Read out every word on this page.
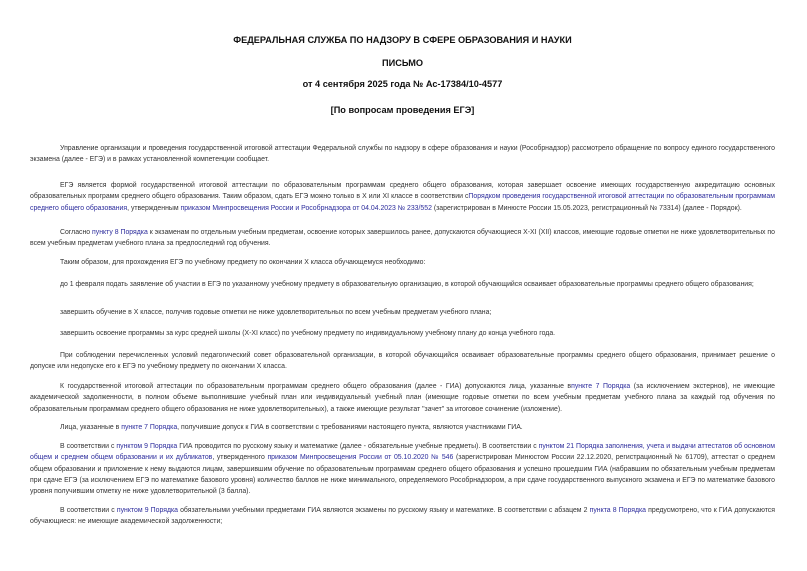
ФЕДЕРАЛЬНАЯ СЛУЖБА ПО НАДЗОРУ В СФЕРЕ ОБРАЗОВАНИЯ И НАУКИ
ПИСЬМО
от 4 сентября 2025 года № Ас-17384/10-4577
[По вопросам проведения ЕГЭ]

Управление организации и проведения государственной итоговой аттестации Федеральной службы по надзору в сфере образования и науки (Рособрнадзор) рассмотрело обращение по вопросу единого государственного экзамена (далее - ЕГЭ) и в рамках установленной компетенции сообщает.

ЕГЭ является формой государственной итоговой аттестации по образовательным программам среднего общего образования, которая завершает освоение имеющих государственную аккредитацию основных образовательных программ среднего общего образования. Таким образом, сдать ЕГЭ можно только в X или XI классе в соответствии сПорядком проведения государственной итоговой аттестации по образовательным программам среднего общего образования, утвержденным приказом Минпросвещения России и Рособрнадзора от 04.04.2023 № 233/552 (зарегистрирован в Минюсте России 15.05.2023, регистрационный № 73314) (далее - Порядок).

Согласно пункту 8 Порядка к экзаменам по отдельным учебным предметам, освоение которых завершилось ранее, допускаются обучающиеся X-XI (XII) классов, имеющие годовые отметки не ниже удовлетворительных по всем учебным предметам учебного плана за предпоследний год обучения.

Таким образом, для прохождения ЕГЭ по учебному предмету по окончании X класса обучающемуся необходимо:

до 1 февраля подать заявление об участии в ЕГЭ по указанному учебному предмету в образовательную организацию, в которой обучающийся осваивает образовательные программы среднего общего образования;

завершить обучение в X классе, получив годовые отметки не ниже удовлетворительных по всем учебным предметам учебного плана;

завершить освоение программы за курс средней школы (X-XI класс) по учебному предмету по индивидуальному учебному плану до конца учебного года.

При соблюдении перечисленных условий педагогический совет образовательной организации, в которой обучающийся осваивает образовательные программы среднего общего образования, принимает решение о допуске или недопуске его к ЕГЭ по учебному предмету по окончании X класса.

К государственной итоговой аттестации по образовательным программам среднего общего образования (далее - ГИА) допускаются лица, указанные впункте 7 Порядка (за исключением экстернов), не имеющие академической задолженности, в полном объеме выполнившие учебный план или индивидуальный учебный план (имеющие годовые отметки по всем учебным предметам учебного плана за каждый год обучения по образовательным программам среднего общего образования не ниже удовлетворительных), а также имеющие результат "зачет" за итоговое сочинение (изложение).

Лица, указанные в пункте 7 Порядка, получившие допуск к ГИА в соответствии с требованиями настоящего пункта, являются участниками ГИА.

В соответствии с пунктом 9 Порядка ГИА проводится по русскому языку и математике (далее - обязательные учебные предметы). В соответствии с пунктом 21 Порядка заполнения, учета и выдачи аттестатов об основном общем и среднем общем образовании и их дубликатов, утвержденного приказом Минпросвещения России от 05.10.2020 № 546 (зарегистрирован Минюстом России 22.12.2020, регистрационный № 61709), аттестат о среднем общем образовании и приложение к нему выдаются лицам, завершившим обучение по образовательным программам среднего общего образования и успешно прошедшим ГИА (набравшим по обязательным учебным предметам при сдаче ЕГЭ (за исключением ЕГЭ по математике базового уровня) количество баллов не ниже минимального, определяемого Рособрнадзором, а при сдаче государственного выпускного экзамена и ЕГЭ по математике базового уровня получившим отметку не ниже удовлетворительной (3 балла).

В соответствии с пунктом 9 Порядка обязательными учебными предметами ГИА являются экзамены по русскому языку и математике. В соответствии с абзацем 2 пункта 8 Порядка предусмотрено, что к ГИА допускаются обучающиеся: не имеющие академической задолженности;
